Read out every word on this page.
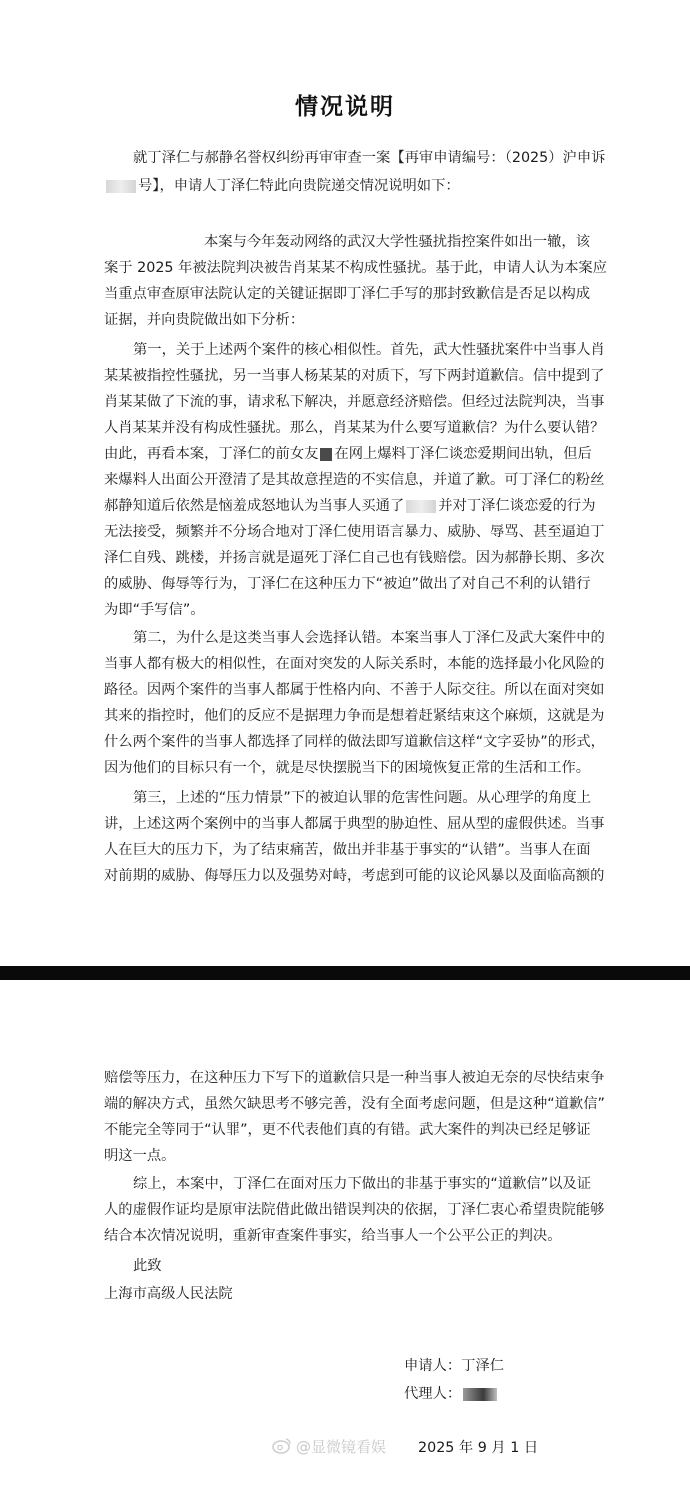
情况说明
就丁泽仁与郝静名誉权纠纷再审审查一案【再审申请编号：（2025）沪申诉
号】，申请人丁泽仁特此向贵院递交情况说明如下：
本案与今年轰动网络的武汉大学性骚扰指控案件如出一辙，该
案于 2025 年被法院判决被告肖某某不构成性骚扰。基于此，申请人认为本案应
当重点审查原审法院认定的关键证据即丁泽仁手写的那封致歉信是否足以构成
证据，并向贵院做出如下分析：
第一，关于上述两个案件的核心相似性。首先，武大性骚扰案件中当事人肖
某某被指控性骚扰，另一当事人杨某某的对质下，写下两封道歉信。信中提到了
肖某某做了下流的事，请求私下解决，并愿意经济赔偿。但经过法院判决，当事
人肖某某并没有构成性骚扰。那么，肖某某为什么要写道歉信？为什么要认错？
由此，再看本案，丁泽仁的前女友 在网上爆料丁泽仁谈恋爱期间出轨，但后
来爆料人出面公开澄清了是其故意捏造的不实信息，并道了歉。可丁泽仁的粉丝
郝静知道后依然是恼羞成怒地认为当事人买通了 并对丁泽仁谈恋爱的行为
无法接受，频繁并不分场合地对丁泽仁使用语言暴力、威胁、辱骂、甚至逼迫丁
泽仁自残、跳楼，并扬言就是逼死丁泽仁自己也有钱赔偿。因为郝静长期、多次
的威胁、侮辱等行为，丁泽仁在这种压力下“被迫”做出了对自己不利的认错行
为即“手写信”。
第二，为什么是这类当事人会选择认错。本案当事人丁泽仁及武大案件中的
当事人都有极大的相似性，在面对突发的人际关系时，本能的选择最小化风险的
路径。因两个案件的当事人都属于性格内向、不善于人际交往。所以在面对突如
其来的指控时，他们的反应不是据理力争而是想着赶紧结束这个麻烦，这就是为
什么两个案件的当事人都选择了同样的做法即写道歉信这样“文字妥协”的形式，
因为他们的目标只有一个，就是尽快摆脱当下的困境恢复正常的生活和工作。
第三，上述的“压力情景”下的被迫认罪的危害性问题。从心理学的角度上
讲，上述这两个案例中的当事人都属于典型的胁迫性、屈从型的虚假供述。当事
人在巨大的压力下，为了结束痛苦，做出并非基于事实的“认错”。当事人在面
对前期的威胁、侮辱压力以及强势对峙，考虑到可能的议论风暴以及面临高额的
赔偿等压力，在这种压力下写下的道歉信只是一种当事人被迫无奈的尽快结束争
端的解决方式，虽然欠缺思考不够完善，没有全面考虑问题，但是这种“道歉信”
不能完全等同于“认罪”，更不代表他们真的有错。武大案件的判决已经足够证
明这一点。
综上，本案中，丁泽仁在面对压力下做出的非基于事实的“道歉信”以及证
人的虚假作证均是原审法院借此做出错误判决的依据，丁泽仁衷心希望贵院能够
结合本次情况说明，重新审查案件事实，给当事人一个公平公正的判决。
此致
上海市高级人民法院
申请人：丁泽仁
代理人：
2025 年 9 月 1 日
@显微镜看娱
